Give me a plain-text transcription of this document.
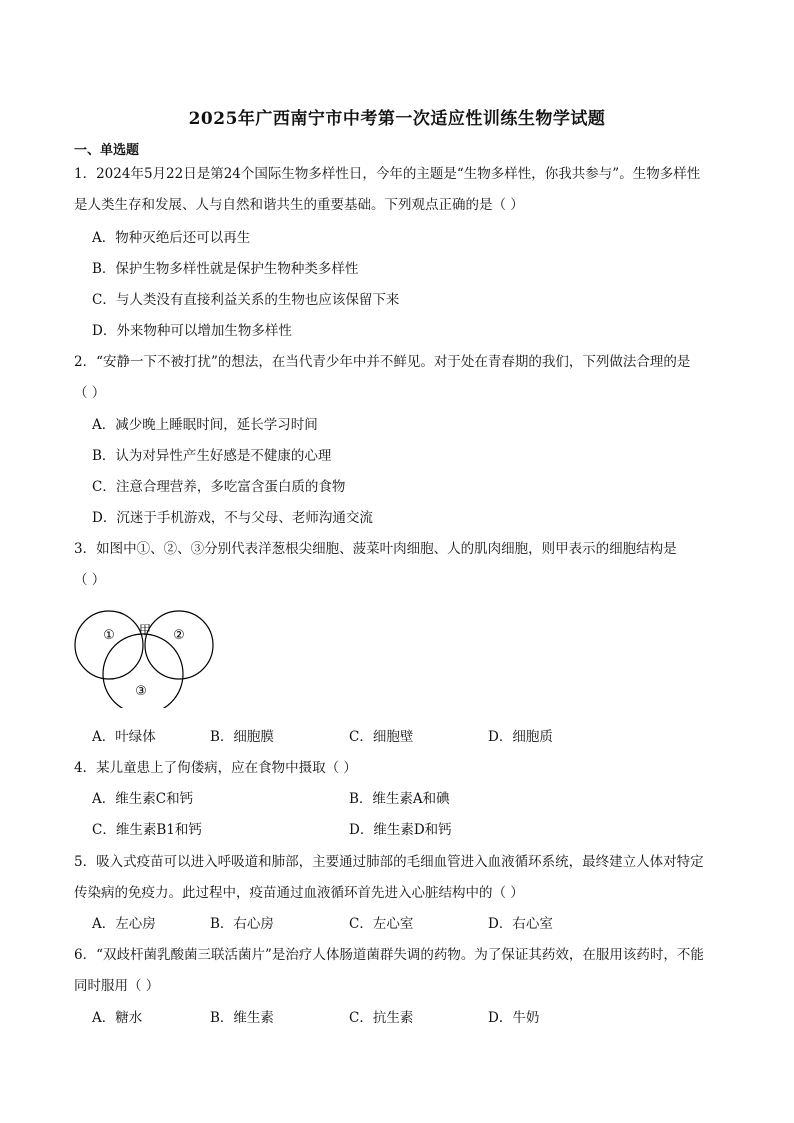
2025年广西南宁市中考第一次适应性训练生物学试题
一、单选题
1．2024年5月22日是第24个国际生物多样性日，今年的主题是“生物多样性，你我共参与”。生物多样性
是人类生存和发展、人与自然和谐共生的重要基础。下列观点正确的是（ ）
A．物种灭绝后还可以再生
B．保护生物多样性就是保护生物种类多样性
C．与人类没有直接利益关系的生物也应该保留下来
D．外来物种可以增加生物多样性
2．“安静一下不被打扰”的想法，在当代青少年中并不鲜见。对于处在青春期的我们，下列做法合理的是
（ ）
A．减少晚上睡眠时间，延长学习时间
B．认为对异性产生好感是不健康的心理
C．注意合理营养，多吃富含蛋白质的食物
D．沉迷于手机游戏，不与父母、老师沟通交流
3．如图中①、②、③分别代表洋葱根尖细胞、菠菜叶肉细胞、人的肌肉细胞，则甲表示的细胞结构是
（ ）
①	②
③
甲
A．叶绿体	B．细胞膜	C．细胞壁	D．细胞质
4．某儿童患上了佝偻病，应在食物中摄取（ ）
A．维生素C和钙	B．维生素A和碘
C．维生素B1和钙	D．维生素D和钙
5．吸入式疫苗可以进入呼吸道和肺部，主要通过肺部的毛细血管进入血液循环系统，最终建立人体对特定
传染病的免疫力。此过程中，疫苗通过血液循环首先进入心脏结构中的（ ）
A．左心房	B．右心房	C．左心室	D．右心室
6．“双歧杆菌乳酸菌三联活菌片”是治疗人体肠道菌群失调的药物。为了保证其药效，在服用该药时，不能
同时服用（ ）
A．糖水	B．维生素	C．抗生素	D．牛奶
